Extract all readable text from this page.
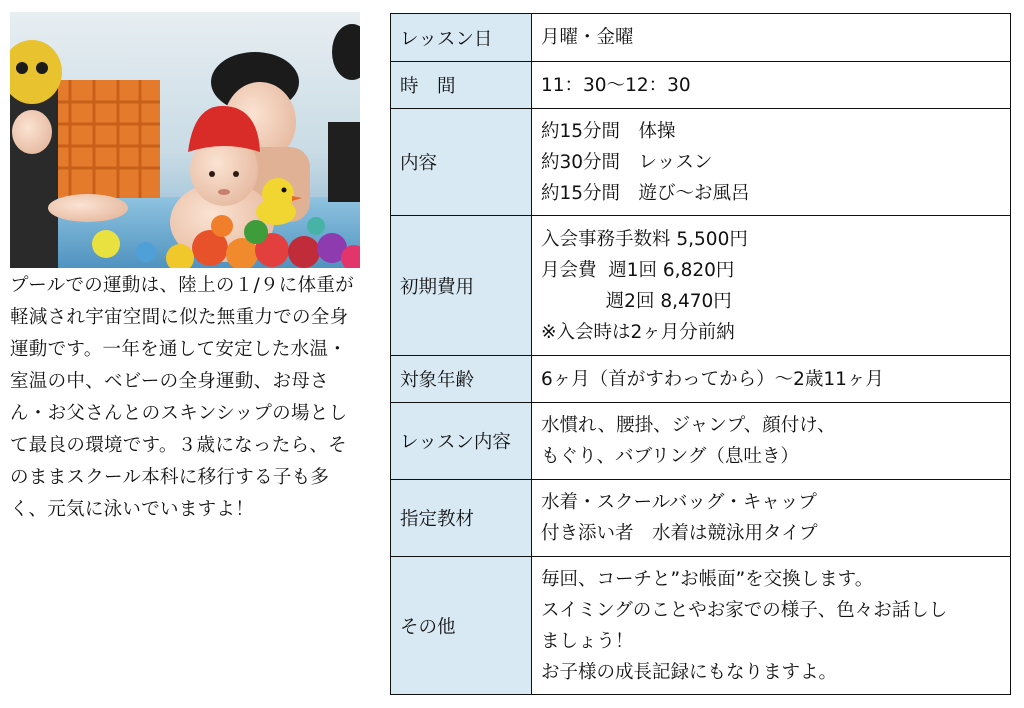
プールでの運動は、陸上の１/９に体重が軽減され宇宙空間に似た無重力での全身運動です。一年を通して安定した水温・室温の中、ベビーの全身運動、お母さん・お父さんとのスキンシップの場として最良の環境です。３歳になったら、そのままスクール本科に移行する子も多く、元気に泳いでいますよ！

レッスン日	月曜・金曜

時　間	11：30〜12：30

内容	約15分間　体操
約30分間　レッスン
約15分間　遊び〜お風呂

初期費用	入会事務手数料 5,500円
月会費  週1回 6,820円
週2回 8,470円
※入会時は2ヶ月分前納

対象年齢	6ヶ月（首がすわってから）〜2歳11ヶ月

レッスン内容	水慣れ、腰掛、ジャンプ、顔付け、
もぐり、バブリング（息吐き）

指定教材	水着・スクールバッグ・キャップ
付き添い者　水着は競泳用タイプ

その他	毎回、コーチと”お帳面”を交換します。
スイミングのことやお家での様子、色々お話しし
ましょう！
お子様の成長記録にもなりますよ。
